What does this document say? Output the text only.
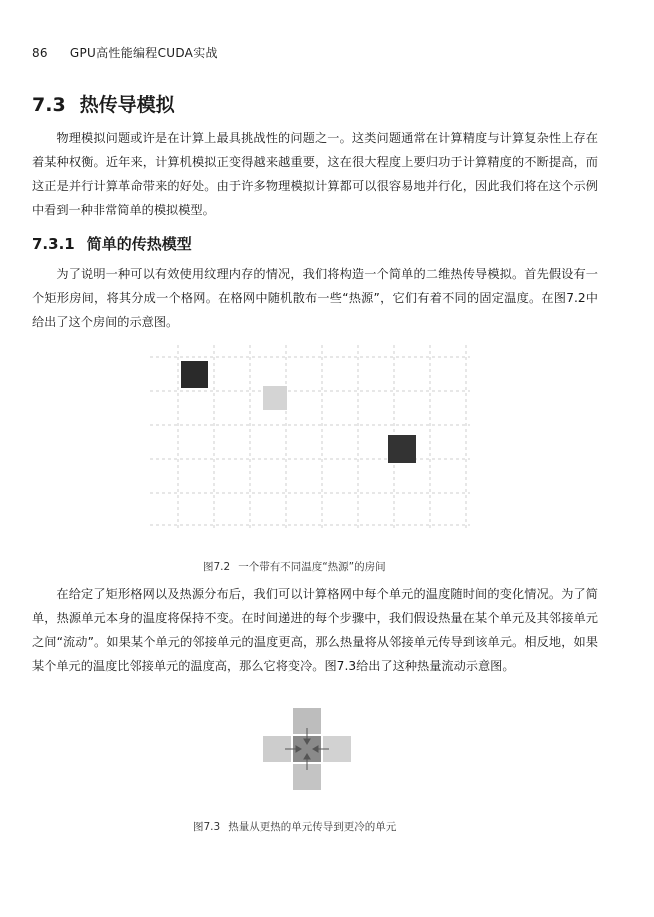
86 GPU高性能编程CUDA实战
7.3 热传导模拟

物理模拟问题或许是在计算上最具挑战性的问题之一。这类问题通常在计算精度与计算复杂性上存在着某种权衡。近年来，计算机模拟正变得越来越重要，这在很大程度上要归功于计算精度的不断提高，而这正是并行计算革命带来的好处。由于许多物理模拟计算都可以很容易地并行化，因此我们将在这个示例中看到一种非常简单的模拟模型。

7.3.1 简单的传热模型

为了说明一种可以有效使用纹理内存的情况，我们将构造一个简单的二维热传导模拟。首先假设有一个矩形房间，将其分成一个格网。在格网中随机散布一些“热源”，它们有着不同的固定温度。在图7.2中给出了这个房间的示意图。

图7.2 一个带有不同温度“热源”的房间

在给定了矩形格网以及热源分布后，我们可以计算格网中每个单元的温度随时间的变化情况。为了简单，热源单元本身的温度将保持不变。在时间递进的每个步骤中，我们假设热量在某个单元及其邻接单元之间“流动”。如果某个单元的邻接单元的温度更高，那么热量将从邻接单元传导到该单元。相反地，如果某个单元的温度比邻接单元的温度高，那么它将变冷。图7.3给出了这种热量流动示意图。

图7.3 热量从更热的单元传导到更冷的单元
